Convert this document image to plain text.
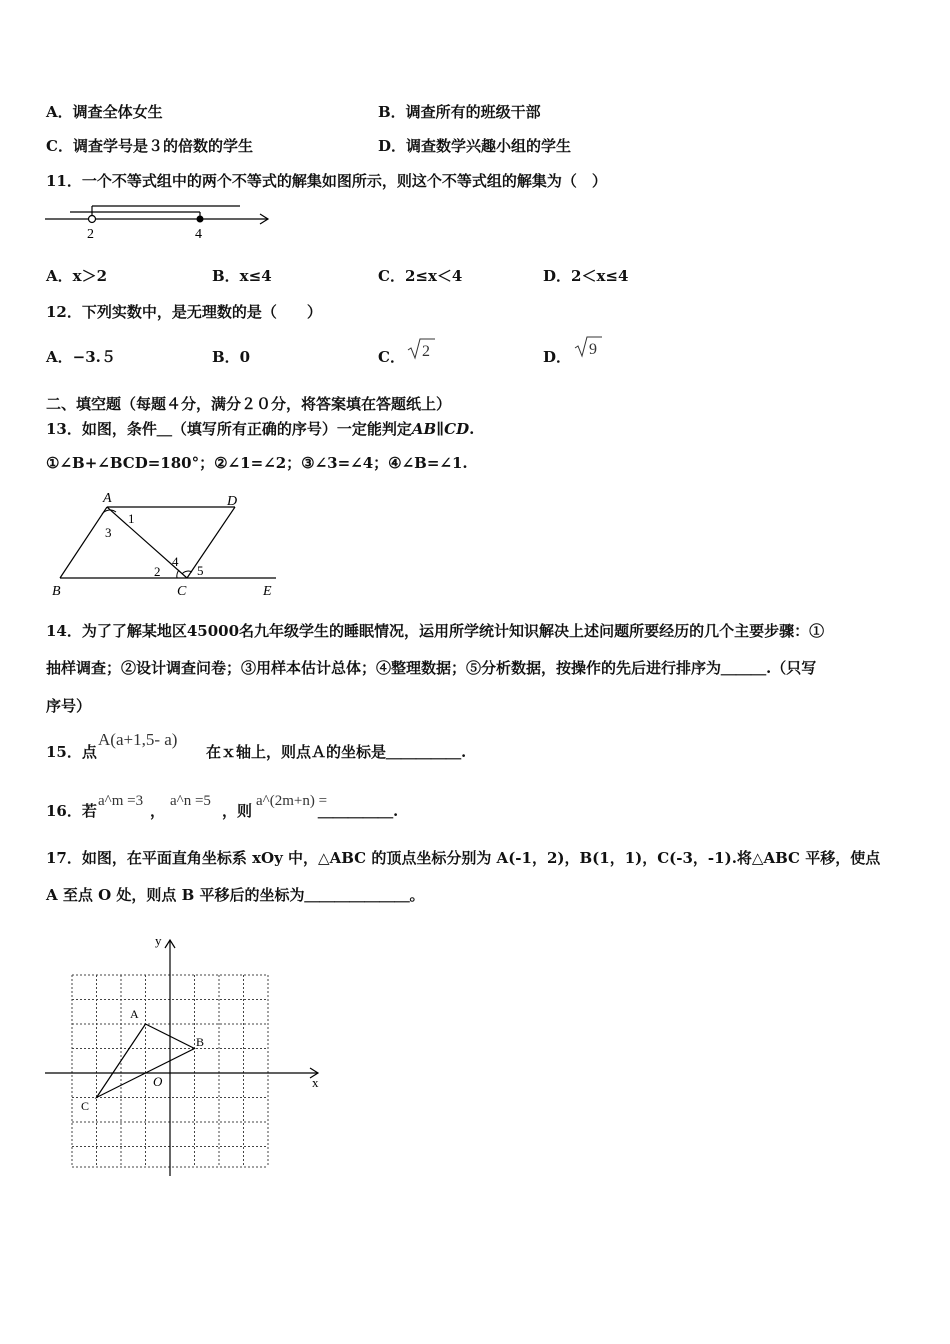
A．调查全体女生	B．调查所有的班级干部
C．调查学号是３的倍数的学生	D．调查数学兴趣小组的学生
11．一个不等式组中的两个不等式的解集如图所示，则这个不等式组的解集为（　）
2	4
A．x＞2	B．x≤4	C．2≤x＜4	D．2＜x≤4
12．下列实数中，是无理数的是（　　）
A．−3.５	B．0	C． 2	D． 9
二、填空题（每题４分，满分２０分，将答案填在答题纸上）
13．如图，条件＿（填写所有正确的序号）一定能判定AB∥CD.
①∠B+∠BCD=180°；②∠1=∠2；③∠3=∠4；④∠B=∠1.
A	D
B	C	E
1
3
2
4
5
14．为了了解某地区45000名九年级学生的睡眠情况，运用所学统计知识解决上述问题所要经历的几个主要步骤：①
抽样调查；②设计调查问卷；③用样本估计总体；④整理数据；⑤分析数据，按操作的先后进行排序为＿＿＿.（只写
序号）
15．点
A(a+1,5- a)
在ｘ轴上，则点Ａ的坐标是＿＿＿＿＿.
16．若
a^m =3
，
a^n =5
，则
a^(2m+n) =
＿＿＿＿＿.
17．如图，在平面直角坐标系 xOy 中，△ABC 的顶点坐标分别为 A(-1，2)，B(1，1)，C(-3，-1).将△ABC 平移，使点
A 至点 O 处，则点 B 平移后的坐标为＿＿＿＿＿＿＿。
y
x
O
A
B
C
